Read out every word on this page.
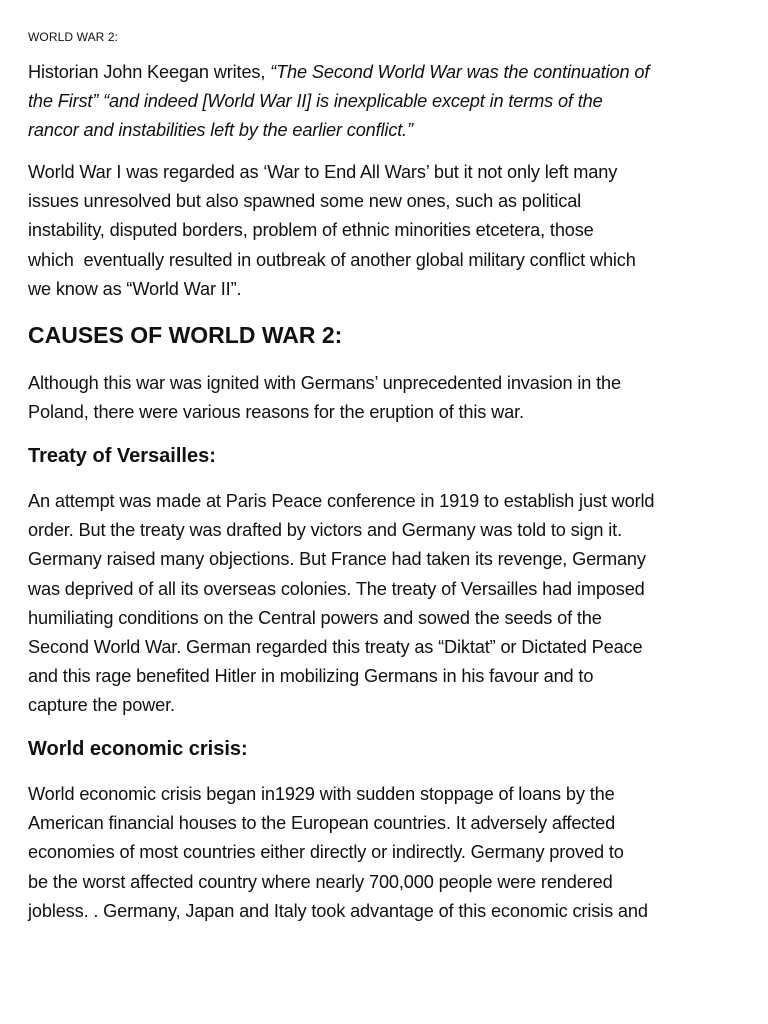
WORLD WAR 2:

Historian John Keegan writes, “The Second World War was the continuation of
the First” “and indeed [World War II] is inexplicable except in terms of the
rancor and instabilities left by the earlier conflict.”

World War I was regarded as ‘War to End All Wars’ but it not only left many
issues unresolved but also spawned some new ones, such as political
instability, disputed borders, problem of ethnic minorities etcetera, those
which  eventually resulted in outbreak of another global military conflict which
we know as “World War II”.

CAUSES OF WORLD WAR 2:

Although this war was ignited with Germans’ unprecedented invasion in the
Poland, there were various reasons for the eruption of this war.

Treaty of Versailles:

An attempt was made at Paris Peace conference in 1919 to establish just world
order. But the treaty was drafted by victors and Germany was told to sign it.
Germany raised many objections. But France had taken its revenge, Germany
was deprived of all its overseas colonies. The treaty of Versailles had imposed
humiliating conditions on the Central powers and sowed the seeds of the
Second World War. German regarded this treaty as “Diktat” or Dictated Peace
and this rage benefited Hitler in mobilizing Germans in his favour and to
capture the power.

World economic crisis:

World economic crisis began in1929 with sudden stoppage of loans by the
American financial houses to the European countries. It adversely affected
economies of most countries either directly or indirectly. Germany proved to
be the worst affected country where nearly 700,000 people were rendered
jobless. . Germany, Japan and Italy took advantage of this economic crisis and
